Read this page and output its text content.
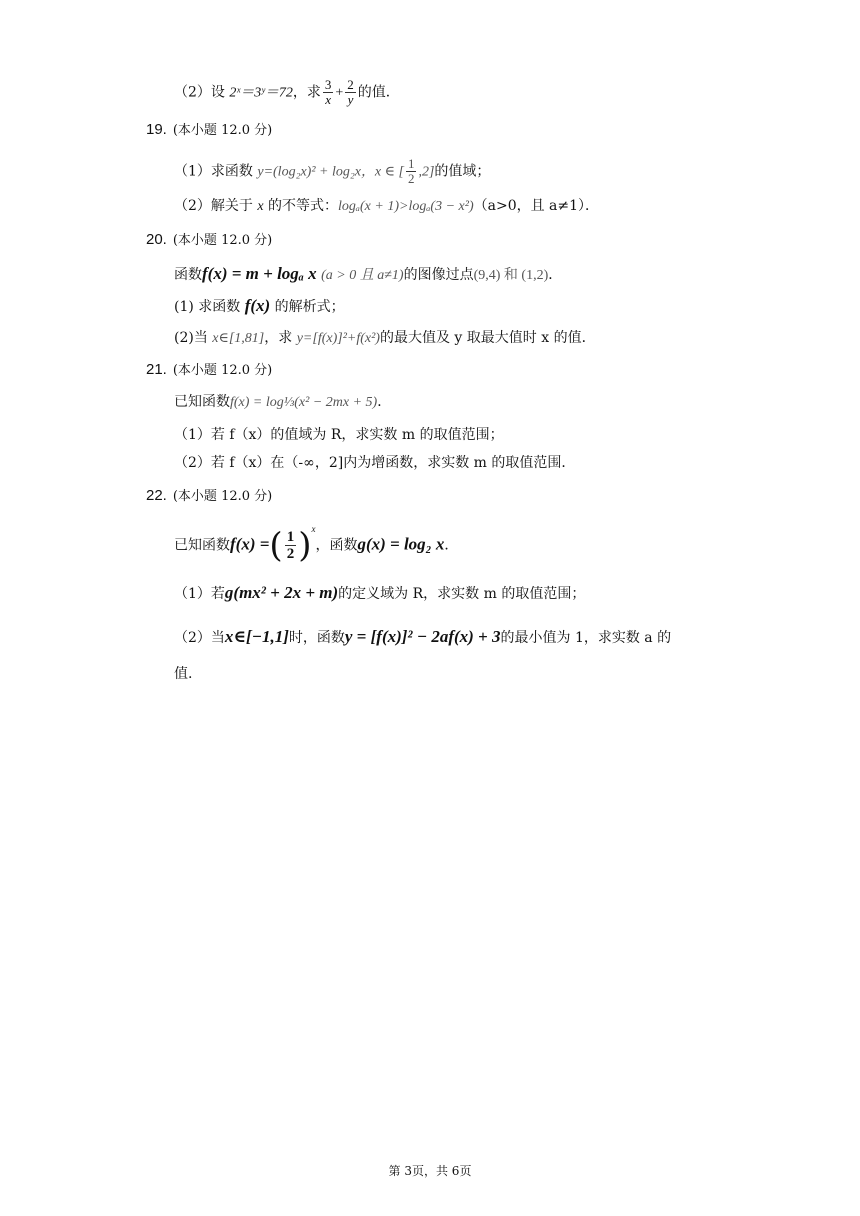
（2）设 2ˣ＝3ʸ＝72，求 $\frac{3}{x} + \frac{2}{y}$ 的值．
19. (本小题 12.0 分)
（1）求函数 y=(log₂x)² + log₂x，x ∈ [ $\frac{1}{2} ,2$]的值域；
（2）解关于 x 的不等式：logₐ(x + 1)>logₐ(3 − x²)（a>0，且 a≠1）．
20. (本小题 12.0 分)
函数f(x) = m + logₐ x (a > 0 且 a≠1)的图像过点(9,4) 和 (1,2)．
(1) 求函数 f(x) 的解析式；
(2)当 x∈[1,81]，求 y=[f(x)]²+f(x²)的最大值及 y 取最大值时 x 的值．
21. (本小题 12.0 分)
已知函数f(x) = log⅓(x² − 2mx + 5)．
（1）若 f（x）的值域为 R，求实数 m 的取值范围；
（2）若 f（x）在（-∞，2]内为增函数，求实数 m 的取值范围．
22. (本小题 12.0 分)
已知函数f(x) =( $\frac{1}{2} )^x$，函数g(x) = log₂ x．
（1）若g(mx² + 2x + m)的定义域为 R，求实数 m 的取值范围；
（2）当x∈[−1,1]时，函数y = [f(x)]² − 2af(x) + 3的最小值为 1，求实数 a 的
值.
第 3页，共 6页
